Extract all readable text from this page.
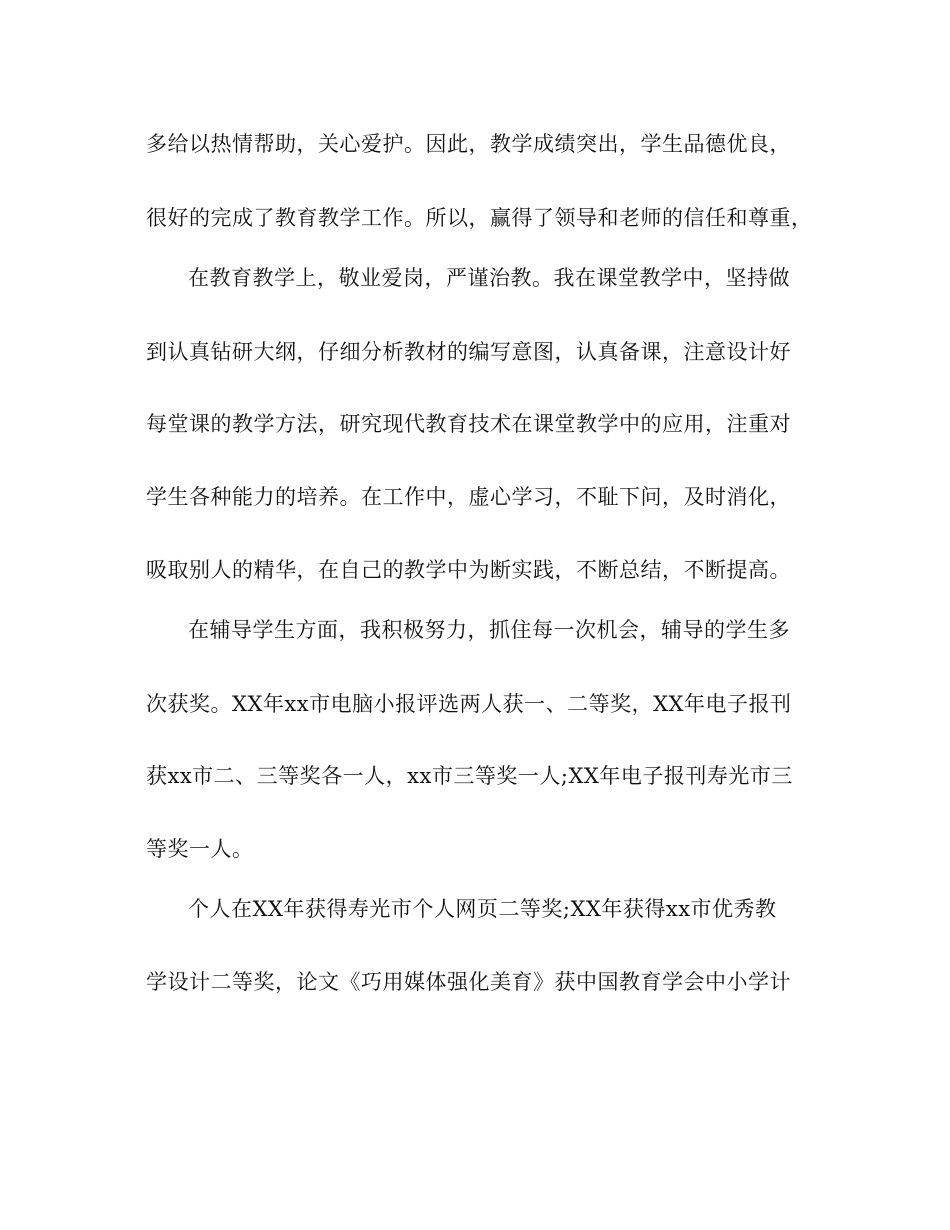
多给以热情帮助，关心爱护。因此，教学成绩突出，学生品德优良，
很好的完成了教育教学工作。所以，赢得了领导和老师的信任和尊重，
在教育教学上，敬业爱岗，严谨治教。我在课堂教学中，坚持做
到认真钻研大纲，仔细分析教材的编写意图，认真备课，注意设计好
每堂课的教学方法，研究现代教育技术在课堂教学中的应用，注重对
学生各种能力的培养。在工作中，虚心学习，不耻下问，及时消化，
吸取别人的精华，在自己的教学中为断实践，不断总结，不断提高。
在辅导学生方面，我积极努力，抓住每一次机会，辅导的学生多
次获奖。XX年xx市电脑小报评选两人获一、二等奖，XX年电子报刊
获xx市二、三等奖各一人，xx市三等奖一人;XX年电子报刊寿光市三
等奖一人。
个人在XX年获得寿光市个人网页二等奖;XX年获得xx市优秀教
学设计二等奖，论文《巧用媒体强化美育》获中国教育学会中小学计
